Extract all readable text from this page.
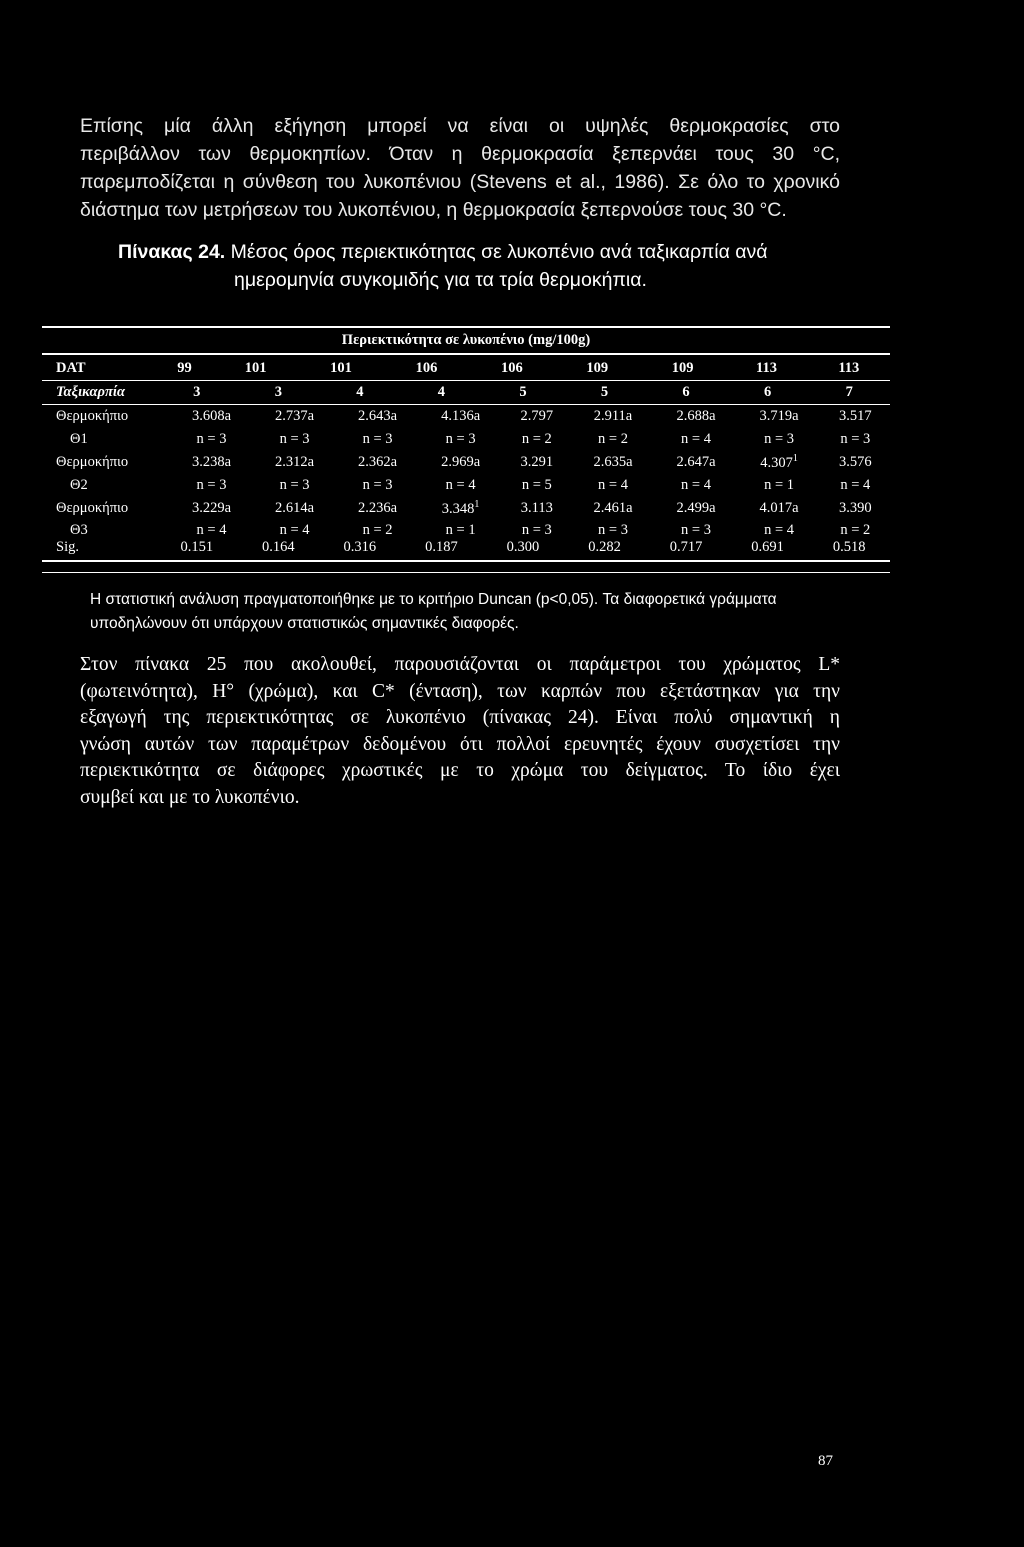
Επίσης μία άλλη εξήγηση μπορεί να είναι οι υψηλές θερμοκρασίες στο
περιβάλλον των θερμοκηπίων. Όταν η θερμοκρασία ξεπερνάει τους 30 °C,
παρεμποδίζεται η σύνθεση του λυκοπένιου (Stevens et al., 1986). Σε όλο το χρονικό
διάστημα των μετρήσεων του λυκοπένιου, η θερμοκρασία ξεπερνούσε τους 30 °C.
Πίνακας 24. Μέσος όρος περιεκτικότητας σε λυκοπένιο ανά ταξικαρπία ανά
ημερομηνία συγκομιδής για τα τρία θερμοκήπια.
Περιεκτικότητα σε λυκοπένιο (mg/100g)
DAT	99	101	101	106	106	109	109	113	113
Ταξικαρπία	3	3	4	4	5	5	6	6	7
Θερμοκήπιο	3.608a	2.737a	2.643a	4.136a	2.797	2.911a	2.688a	3.719a	3.517
Θ1	n = 3	n = 3	n = 3	n = 3	n = 2	n = 2	n = 4	n = 3	n = 3
Θερμοκήπιο	3.238a	2.312a	2.362a	2.969a	3.291	2.635a	2.647a	4.307$^1$	3.576
Θ2	n = 3	n = 3	n = 3	n = 4	n = 5	n = 4	n = 4	n = 1	n = 4
Θερμοκήπιο	3.229a	2.614a	2.236a	3.348$^1$	3.113	2.461a	2.499a	4.017a	3.390
Θ3	n = 4	n = 4	n = 2	n = 1	n = 3	n = 3	n = 3	n = 4	n = 2
Sig.	0.151	0.164	0.316	0.187	0.300	0.282	0.717	0.691	0.518
Η στατιστική ανάλυση πραγματοποιήθηκε με το κριτήριο Duncan (p<0,05). Τα διαφορετικά γράμματα
υποδηλώνουν ότι υπάρχουν στατιστικώς σημαντικές διαφορές.
Στον πίνακα 25 που ακολουθεί, παρουσιάζονται οι παράμετροι του χρώματος L*
(φωτεινότητα), H° (χρώμα), και C* (ένταση), των καρπών που εξετάστηκαν για την
εξαγωγή της περιεκτικότητας σε λυκοπένιο (πίνακας 24). Είναι πολύ σημαντική η
γνώση αυτών των παραμέτρων δεδομένου ότι πολλοί ερευνητές έχουν συσχετίσει την
περιεκτικότητα σε διάφορες χρωστικές με το χρώμα του δείγματος. Το ίδιο έχει
συμβεί και με το λυκοπένιο.
87
